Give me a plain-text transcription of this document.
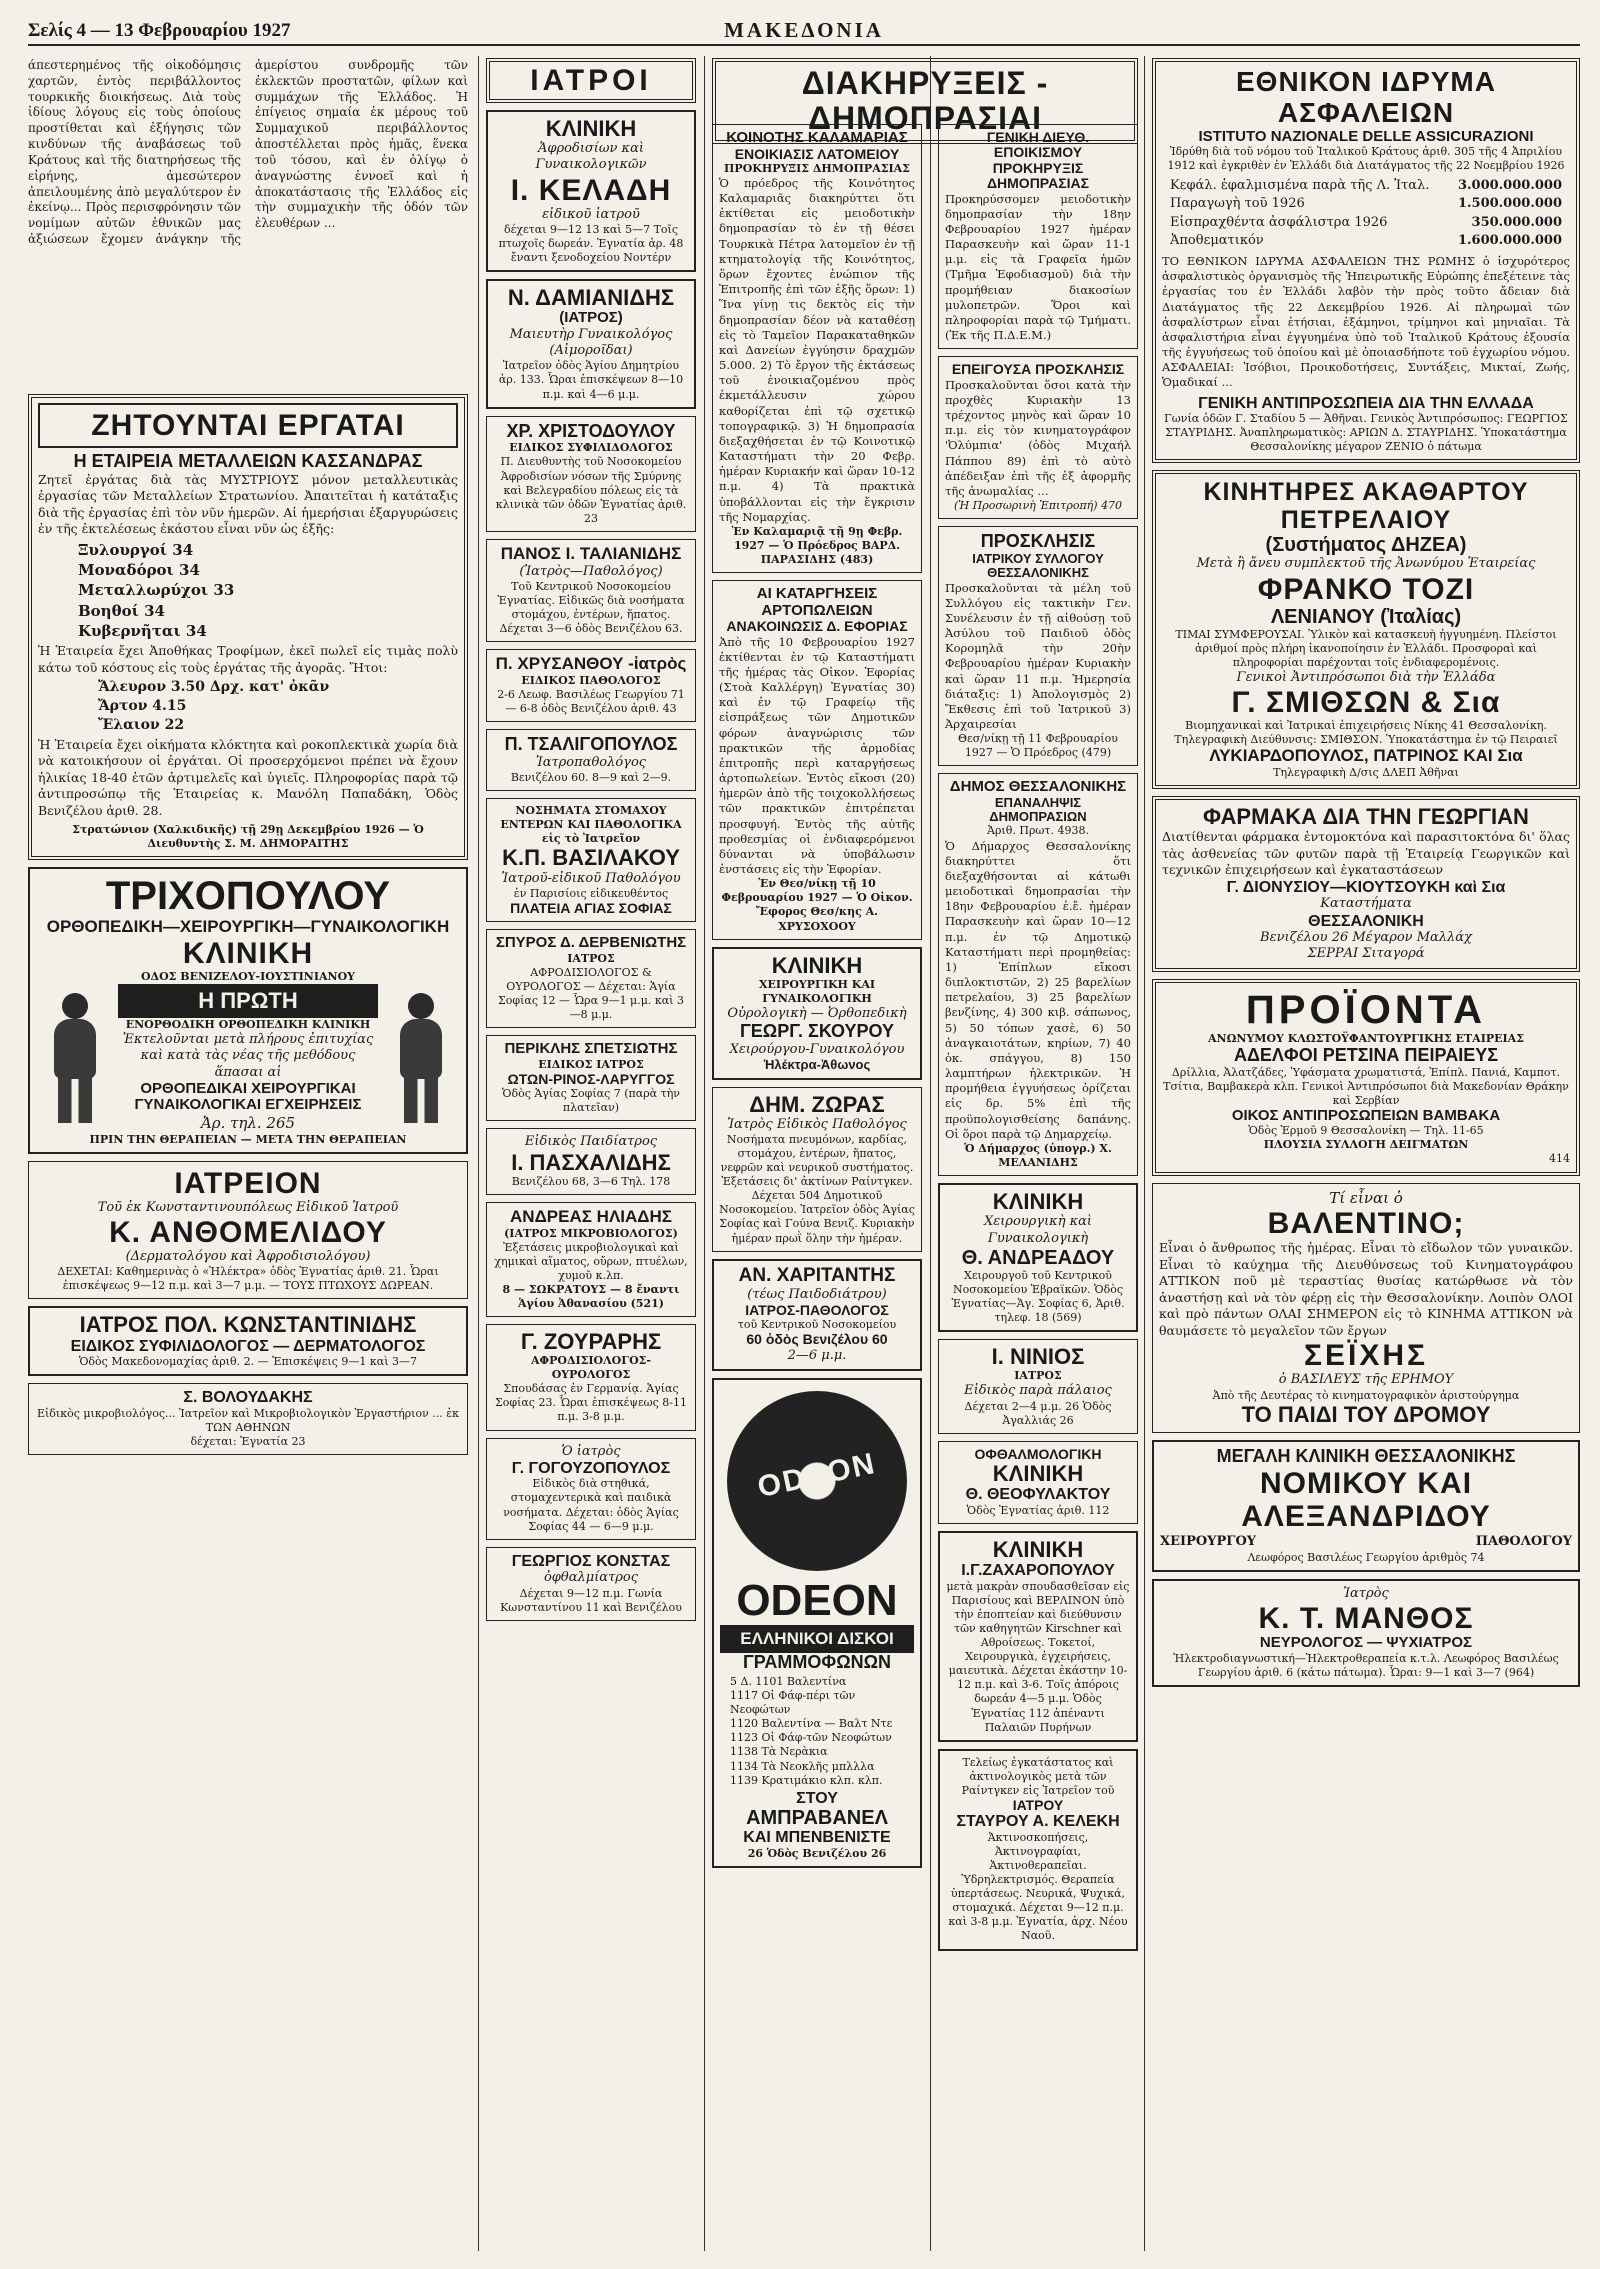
Σελίς 4 — 13 Φεβρουαρίου 1927	ΜΑΚΕΔΟΝΙΑ
άπεστερημένος τῆς οἰκοδόμησις χαρτῶν, ἐντὸς περιβάλλοντος τουρκικῆς διοικήσεως. Διὰ τοὺς ἰδίους λόγους εἰς τοὺς ὁποίους προστίθεται καὶ ἐξήγησις τῶν κινδύνων τῆς ἀναβάσεως τοῦ Κράτους καὶ τῆς διατηρήσεως τῆς εἰρήνης, ἀμεσώτερον ἀπειλουμένης ἀπὸ μεγαλύτερον ἐν ἐκείνῳ... Πρὸς περισφρόνησιν τῶν νομίμων αὐτῶν ἐθνικῶν μας ἀξιώσεων ἔχομεν ἀνάγκην τῆς ἀμερίστου συνδρομῆς τῶν ἐκλεκτῶν προστατῶν, φίλων καὶ συμμάχων τῆς Ἑλλάδος. Ἡ ἐπίγειος σημαία ἐκ μέρους τοῦ Συμμαχικοῦ περιβάλλοντος ἀποστέλλεται πρὸς ἡμᾶς, ἕνεκα τοῦ τόσου, καὶ ἐν ὀλίγῳ ὁ ἀναγνώστης ἐννοεῖ καὶ ἡ ἀποκατάστασις τῆς Ἑλλάδος εἰς τὴν συμμαχικὴν τῆς ὁδόν τῶν ἐλευθέρων ...
ΖΗΤΟΥΝΤΑΙ ΕΡΓΑΤΑΙ
Η ΕΤΑΙΡΕΙΑ ΜΕΤΑΛΛΕΙΩΝ ΚΑΣΣΑΝΔΡΑΣ
Ζητεῖ ἐργάτας διὰ τὰς ΜΥΣΤΡΙΟΥΣ μόνον μεταλλευτικὰς ἐργασίας τῶν Μεταλλείων Στρατωνίου. Ἀπαιτεῖται ἡ κατάταξις διὰ τῆς ἐργασίας ἐπὶ τὸν νῦν ἡμερῶν. Αἱ ἡμερήσιαι ἐξαργυρώσεις ἐν τῆς ἐκτελέσεως ἐκάστου εἶναι νῦν ὡς ἑξῆς:
Ξυλουργοί 34
Μοναδόροι 34
Μεταλλωρύχοι 33
Βοηθοί 34
Κυβερνῆται 34
Ἡ Ἑταιρεία ἔχει Ἀποθήκας Τροφίμων, ἐκεῖ πωλεῖ εἰς τιμὰς πολὺ κάτω τοῦ κόστους εἰς τοὺς ἐργάτας τῆς ἀγορᾶς. Ἤτοι:
Ἄλευρον 3.50 Δρχ. κατ' ὀκᾶν
Ἄρτον 4.15
Ἔλαιον 22
Ἡ Ἑταιρεία ἔχει οἰκήματα κλόκτητα καὶ ροκοπλεκτικὰ χωρία διὰ νὰ κατοικήσουν οἱ ἐργάται. Οἱ προσερχόμενοι πρέπει νὰ ἔχουν ἡλικίας 18-40 ἐτῶν ἀρτιμελεῖς καὶ ὑγιεῖς. Πληροφορίας παρὰ τῷ ἀντιπροσώπῳ τῆς Ἑταιρείας κ. Μανόλη Παπαδάκη, Ὁδὸς Βενιζέλου ἀριθ. 28.
Στρατώνιον (Χαλκιδικῆς) τῇ 29ῃ Δεκεμβρίου 1926 — Ὁ Διευθυντὴς Σ. Μ. ΔΗΜΟΡΑΙΤΗΣ
ΤΡΙΧΟΠΟΥΛΟΥ
ΟΡΘΟΠΕΔΙΚΗ—ΧΕΙΡΟΥΡΓΙΚΗ—ΓΥΝΑΙΚΟΛΟΓΙΚΗ
ΚΛΙΝΙΚΗ
ΟΔΟΣ ΒΕΝΙΖΕΛΟΥ-ΙΟΥΣΤΙΝΙΑΝΟΥ
Η ΠΡΩΤΗ
ΕΝΟΡΘΟΔΙΚΗ ΟΡΘΟΠΕΔΙΚΗ ΚΛΙΝΙΚΗ
Ἐκτελοῦνται μετὰ πλήρους ἐπιτυχίας καὶ κατὰ τὰς νέας τῆς μεθόδους ἅπασαι αἱ
ΟΡΘΟΠΕΔΙΚΑΙ ΧΕΙΡΟΥΡΓΙΚΑΙ ΓΥΝΑΙΚΟΛΟΓΙΚΑΙ ΕΓΧΕΙΡΗΣΕΙΣ
Ἀρ. τηλ. 265
ΠΡΙΝ ΤΗΝ ΘΕΡΑΠΕΙΑΝ — ΜΕΤΑ ΤΗΝ ΘΕΡΑΠΕΙΑΝ
ΙΑΤΡΕΙΟΝ
Τοῦ ἐκ Κωνσταντινουπόλεως Εἰδικοῦ Ἰατροῦ
Κ. ΑΝΘΟΜΕΛΙΔΟΥ
(Δερματολόγου καὶ Ἀφροδισιολόγου)
ΔΕΧΕΤΑΙ: Καθημερινὰς ὁ «Ἠλέκτρα» ὁδὸς Ἐγνατίας ἀριθ. 21. Ὧραι ἐπισκέψεως 9—12 π.μ. καὶ 3—7 μ.μ. — ΤΟΥΣ ΠΤΩΧΟΥΣ ΔΩΡΕΑΝ.
ΙΑΤΡΟΣ ΠΟΛ. ΚΩΝΣΤΑΝΤΙΝΙΔΗΣ
ΕΙΔΙΚΟΣ ΣΥΦΙΛΙΔΟΛΟΓΟΣ — ΔΕΡΜΑΤΟΛΟΓΟΣ
Ὁδὸς Μακεδονομαχίας ἀριθ. 2. — Ἐπισκέψεις 9—1 καὶ 3—7
Σ. ΒΟΛΟΥΔΑΚΗΣ
Εἰδικὸς μικροβιολόγος... Ἰατρεῖον καὶ Μικροβιολογικὸν Ἐργαστήριον ... ἐκ ΤΩΝ ΑΘΗΝΩΝ
δέχεται: Ἐγνατία 23
ΙΑΤΡΟΙ
ΚΛΙΝΙΚΗ
Ἀφροδισίων καὶ Γυναικολογικῶν
Ι. ΚΕΛΑΔΗ
εἰδικοῦ ἰατροῦ
δέχεται 9—12 13 καὶ 5—7 Τοῖς πτωχοῖς δωρεάν. Ἐγνατία ἀρ. 48 ἔναντι ξενοδοχείου Νοντέρν
Ν. ΔΑΜΙΑΝΙΔΗΣ
(ΙΑΤΡΟΣ)
Μαιευτὴρ Γυναικολόγος (Αἰμοροῖδαι)
Ἰατρεῖον ὁδὸς Ἁγίου Δημητρίου ἀρ. 133. Ὧραι ἐπισκέψεων 8—10 π.μ. καὶ 4—6 μ.μ.
ΧΡ. ΧΡΙΣΤΟΔΟΥΛΟΥ
ΕΙΔΙΚΟΣ ΣΥΦΙΛΙΔΟΛΟΓΟΣ
Π. Διευθυντὴς τοῦ Νοσοκομείου Ἀφροδισίων νόσων τῆς Σμύρνης καὶ Βελεγραδίου πόλεως εἰς τὰ κλινικὰ τῶν ὁδῶν Ἐγνατίας ἀριθ. 23
ΠΑΝΟΣ Ι. ΤΑΛΙΑΝΙΔΗΣ
(Ἰατρὸς—Παθολόγος)
Τοῦ Κεντρικοῦ Νοσοκομείου Ἐγνατίας. Εἰδικῶς διὰ νοσήματα στομάχου, ἐντέρων, ἥπατος. Δέχεται 3—6 ὁδὸς Βενιζέλου 63.
Π. ΧΡΥΣΑΝΘΟΥ -ἰατρὸς
ΕΙΔΙΚΟΣ ΠΑΘΟΛΟΓΟΣ
2-6 Λεωφ. Βασιλέως Γεωργίου 71 — 6-8 ὁδὸς Βενιζέλου ἀριθ. 43
Π. ΤΣΑΛΙΓΟΠΟΥΛΟΣ
Ἰατροπαθολόγος
Βενιζέλου 60. 8—9 καὶ 2—9.
ΝΟΣΗΜΑΤΑ ΣΤΟΜΑΧΟΥ ΕΝΤΕΡΩΝ ΚΑΙ ΠΑΘΟΛΟΓΙΚΑ εἰς τὸ Ἰατρεῖον
Κ.Π. ΒΑΣΙΛΑΚΟΥ
Ἰατροῦ-εἰδικοῦ Παθολόγου
ἐν Παρισίοις εἰδικευθέντος
ΠΛΑΤΕΙΑ ΑΓΙΑΣ ΣΟΦΙΑΣ
ΣΠΥΡΟΣ Δ. ΔΕΡΒΕΝΙΩΤΗΣ
ΙΑΤΡΟΣ
ΑΦΡΟΔΙΣΙΟΛΟΓΟΣ & ΟΥΡΟΛΟΓΟΣ — Δέχεται: Ἁγία Σοφίας 12 — Ὧρα 9—1 μ.μ. καὶ 3—8 μ.μ.
ΠΕΡΙΚΛΗΣ ΣΠΕΤΣΙΩΤΗΣ
ΕΙΔΙΚΟΣ ΙΑΤΡΟΣ
ΩΤΩΝ-ΡΙΝΟΣ-ΛΑΡΥΓΓΟΣ
Ὁδὸς Ἁγίας Σοφίας 7 (παρὰ τὴν πλατεῖαν)
Εἰδικὸς Παιδίατρος
Ι. ΠΑΣΧΑΛΙΔΗΣ
Βενιζέλου 68, 3—6 Τηλ. 178
ΑΝΔΡΕΑΣ ΗΛΙΑΔΗΣ
(ΙΑΤΡΟΣ ΜΙΚΡΟΒΙΟΛΟΓΟΣ)
Ἐξετάσεις μικροβιολογικαὶ καὶ χημικαὶ αἵματος, οὔρων, πτυέλων, χυμοῦ κ.λπ.
8 — ΣΩΚΡΑΤΟΥΣ — 8 ἔναντι Ἁγίου Ἀθανασίου (521)
Γ. ΖΟΥΡΑΡΗΣ
ΑΦΡΟΔΙΣΙΟΛΟΓΟΣ-ΟΥΡΟΛΟΓΟΣ
Σπουδάσας ἐν Γερμανίᾳ. Ἁγίας Σοφίας 23. Ὧραι ἐπισκέψεως 8-11 π.μ. 3-8 μ.μ.
Ὁ ἰατρὸς
Γ. ΓΟΓΟΥΖΟΠΟΥΛΟΣ
Εἰδικὸς διὰ στηθικά, στομαχεντερικὰ καὶ παιδικὰ νοσήματα. Δέχεται: ὁδὸς Ἁγίας Σοφίας 44 — 6—9 μ.μ.
ΓΕΩΡΓΙΟΣ ΚΟΝΣΤΑΣ
ὀφθαλμίατρος
Δέχεται 9—12 π.μ. Γωνία Κωνσταντίνου 11 καὶ Βενιζέλου
ΔΙΑΚΗΡΥΞΕΙΣ - ΔΗΜΟΠΡΑΣΙΑΙ
ΚΟΙΝΟΤΗΣ ΚΑΛΑΜΑΡΙΑΣ
ΕΝΟΙΚΙΑΣΙΣ ΛΑΤΟΜΕΙΟΥ
ΠΡΟΚΗΡΥΞΙΣ ΔΗΜΟΠΡΑΣΙΑΣ
Ὁ πρόεδρος τῆς Κοινότητος Καλαμαριᾶς διακηρύττει ὅτι ἐκτίθεται εἰς μειοδοτικὴν δημοπρασίαν τὸ ἐν τῇ θέσει Τουρκικὰ Πέτρα λατομεῖον ἐν τῇ κτηματολογίᾳ τῆς Κοινότητος, ὅρων ἔχοντες ἐνώπιον τῆς Ἐπιτροπῆς ἐπὶ τῶν ἑξῆς ὅρων: 1) Ἵνα γίνῃ τις δεκτὸς εἰς τὴν δημοπρασίαν δέον νὰ καταθέσῃ εἰς τὸ Ταμεῖον Παρακαταθηκῶν καὶ Δανείων ἐγγύησιν δραχμῶν 5.000. 2) Τὸ ἔργον τῆς ἐκτάσεως τοῦ ἐνοικιαζομένου πρὸς ἐκμετάλλευσιν χώρου καθορίζεται ἐπὶ τῷ σχετικῷ τοπογραφικῷ. 3) Ἡ δημοπρασία διεξαχθήσεται ἐν τῷ Κοινοτικῷ Καταστήματι τὴν 20 Φεβρ. ἡμέραν Κυριακήν καὶ ὥραν 10-12 π.μ. 4) Τὰ πρακτικὰ ὑποβάλλονται εἰς τὴν ἔγκρισιν τῆς Νομαρχίας.
Ἐν Καλαμαριᾷ τῇ 9ῃ Φεβρ. 1927 — Ὁ Πρόεδρος ΒΑΡΔ. ΠΑΡΑΣΙΔΗΣ (483)
ΑΙ ΚΑΤΑΡΓΗΣΕΙΣ ΑΡΤΟΠΩΛΕΙΩΝ
ΑΝΑΚΟΙΝΩΣΙΣ Δ. ΕΦΟΡΙΑΣ
Ἀπὸ τῆς 10 Φεβρουαρίου 1927 ἐκτίθενται ἐν τῷ Καταστήματι τῆς ἡμέρας τὰς Οἰκον. Ἐφορίας (Στοὰ Καλλέργη) Ἐγνατίας 30) καὶ ἐν τῷ Γραφείῳ τῆς εἰσπράξεως τῶν Δημοτικῶν φόρων ἀναγνώρισις τῶν πρακτικῶν τῆς ἀρμοδίας ἐπιτροπῆς περὶ καταργήσεως ἀρτοπωλείων. Ἐντὸς εἴκοσι (20) ἡμερῶν ἀπὸ τῆς τοιχοκολλήσεως τῶν πρακτικῶν ἐπιτρέπεται προσφυγή. Ἐντὸς τῆς αὐτῆς προθεσμίας οἱ ἐνδιαφερόμενοι δύνανται νὰ ὑποβάλωσιν ἐνστάσεις εἰς τὴν Ἐφορίαν.
Ἐν Θεσ/νίκῃ τῇ 10 Φεβρουαρίου 1927 — Ὁ Οἰκον. Ἔφορος Θεσ/κης Α. ΧΡΥΣΟΧΟΟΥ
ΚΛΙΝΙΚΗ
ΧΕΙΡΟΥΡΓΙΚΗ ΚΑΙ ΓΥΝΑΙΚΟΛΟΓΙΚΗ
Οὐρολογικὴ — Ὀρθοπεδικὴ
ΓΕΩΡΓ. ΣΚΟΥΡΟΥ
Χειρούργου-Γυναικολόγου
Ἡλέκτρα-Ἀθωνος
ΔΗΜ. ΖΩΡΑΣ
Ἰατρὸς Εἰδικὸς Παθολόγος
Νοσήματα πνευμόνων, καρδίας, στομάχου, ἐντέρων, ἥπατος, νεφρῶν καὶ νευρικοῦ συστήματος. Ἐξετάσεις δι' ἀκτίνων Ραίντγκεν. Δέχεται 504 Δημοτικοῦ Νοσοκομείου. Ἰατρεῖον ὁδὸς Ἁγίας Σοφίας καὶ Γούνα Βενιζ. Κυριακὴν ἡμέραν πρωῒ ὅλην τὴν ἡμέραν.
ΑΝ. ΧΑΡΙΤΑΝΤΗΣ
(τέως Παιδοδιάτρου)
ΙΑΤΡΟΣ-ΠΑΘΟΛΟΓΟΣ
τοῦ Κεντρικοῦ Νοσοκομείου
60 ὁδὸς Βενιζέλου 60
2—6 μ.μ.
ODEON
ODEON
ΕΛΛΗΝΙΚΟΙ ΔΙΣΚΟΙ
ΓΡΑΜΜΟΦΩΝΩΝ
5 Δ. 1101 Βαλεντίνα
1117 Οἱ Φάφ-πέρι τῶν Νεοφώτων
1120 Βαλεντίνα — Βαλτ Ντε
1123 Οἱ Φάφ-τῶν Νεοφώτων
1138 Τὰ Νερὰκια
1134 Τὰ Νεοκλῆς μπλλλα
1139 Κρατιμάκιο κλπ. κλπ.
ΣΤΟΥ
ΑΜΠΡΑΒΑΝΕΛ
ΚΑΙ ΜΠΕΝΒΕΝΙΣΤΕ
26 Ὁδὸς Βενιζέλου 26
ΓΕΝΙΚΗ ΔΙΕΥΘ. ΕΠΟΙΚΙΣΜΟΥ
ΠΡΟΚΗΡΥΞΙΣ ΔΗΜΟΠΡΑΣΙΑΣ
Προκηρύσσομεν μειοδοτικὴν δημοπρασίαν τὴν 18ην Φεβρουαρίου 1927 ἡμέραν Παρασκευὴν καὶ ὥραν 11-1 μ.μ. εἰς τὰ Γραφεῖα ἡμῶν (Τμῆμα Ἐφοδιασμοῦ) διὰ τὴν προμήθειαν διακοσίων μυλοπετρῶν. Ὅροι καὶ πληροφορίαι παρὰ τῷ Τμήματι. (Ἐκ τῆς Π.Δ.Ε.Μ.)
ΕΠΕΙΓΟΥΣΑ ΠΡΟΣΚΛΗΣΙΣ
Προσκαλοῦνται ὅσοι κατὰ τὴν προχθὲς Κυριακὴν 13 τρέχοντος μηνὸς καὶ ὥραν 10 π.μ. εἰς τὸν κινηματογράφον 'Ὀλύμπια' (ὁδὸς Μιχαήλ Πάππου 89) ἐπὶ τὸ αὐτὸ ἀπέδειξαν ἐπὶ τῆς ἐξ ἀφορμῆς τῆς ἀνωμαλίας ...
(Ἡ Προσωρινὴ Ἐπιτροπή) 470
ΠΡΟΣΚΛΗΣΙΣ
ΙΑΤΡΙΚΟΥ ΣΥΛΛΟΓΟΥ ΘΕΣΣΑΛΟΝΙΚΗΣ
Προσκαλοῦνται τὰ μέλη τοῦ Συλλόγου εἰς τακτικὴν Γεν. Συνέλευσιν ἐν τῇ αἰθούσῃ τοῦ Ἀσύλου τοῦ Παιδιοῦ ὁδὸς Κορομηλᾶ τὴν 20ὴν Φεβρουαρίου ἡμέραν Κυριακὴν καὶ ὥραν 11 π.μ. Ἡμερησία διάταξις: 1) Ἀπολογισμὸς 2) Ἔκθεσις ἐπὶ τοῦ Ἰατρικοῦ 3) Ἀρχαιρεσίαι
Θεσ/νίκῃ τῇ 11 Φεβρουαρίου 1927 — Ὁ Πρόεδρος (479)
ΔΗΜΟΣ ΘΕΣΣΑΛΟΝΙΚΗΣ
ΕΠΑΝΑΛΗΨΙΣ ΔΗΜΟΠΡΑΣΙΩΝ
Ἀριθ. Πρωτ. 4938.
Ὁ Δήμαρχος Θεσσαλονίκης διακηρύττει ὅτι διεξαχθήσονται αἱ κάτωθι μειοδοτικαὶ δημοπρασίαι τὴν 18ην Φεβρουαρίου ἐ.ἔ. ἡμέραν Παρασκευὴν καὶ ὥραν 10—12 π.μ. ἐν τῷ Δημοτικῷ Καταστήματι περὶ προμηθείας: 1) Ἐπίπλων εἴκοσι διπλοκτιστῶν, 2) 25 βαρελίων πετρελαίου, 3) 25 βαρελίων βενζίνης, 4) 300 κιβ. σάπωνος, 5) 50 τόπων χασὲ, 6) 50 ἀναγκαιοτάτων, κηρίων, 7) 40 ὀκ. σπάγγου, 8) 150 λαμπτήρων ἠλεκτρικῶν. Ἡ προμήθεια ἐγγυήσεως ὁρίζεται εἰς δρ. 5% ἐπὶ τῆς προϋπολογισθείσης δαπάνης. Οἱ ὅροι παρὰ τῷ Δημαρχείῳ.
Ὁ Δήμαρχος (ὑπογρ.) Χ. ΜΕΛΑΝΙΔΗΣ
ΚΛΙΝΙΚΗ
Χειρουργικὴ καὶ Γυναικολογικὴ
Θ. ΑΝΔΡΕΑΔΟΥ
Χειρουργοῦ τοῦ Κεντρικοῦ Νοσοκομείου Ἑβραϊκῶν. Ὁδὸς Ἐγνατίας—Ἁγ. Σοφίας 6, Ἀριθ. τηλεφ. 18 (569)
Ι. ΝΙΝΙΟΣ
ΙΑΤΡΟΣ
Εἰδικὸς παρὰ πάλαιος
Δέχεται 2—4 μ.μ. 26 Ὁδὸς Ἀγαλλιάς 26
ΟΦΘΑΛΜΟΛΟΓΙΚΗ
ΚΛΙΝΙΚΗ
Θ. ΘΕΟΦΥΛΑΚΤΟΥ
Ὁδὸς Ἐγνατίας ἀριθ. 112
ΚΛΙΝΙΚΗ
Ι.Γ.ΖΑΧΑΡΟΠΟΥΛΟΥ
μετὰ μακρὰν σπουδασθεῖσαν εἰς Παρισίους καὶ ΒΕΡΛΙΝΟΝ ὑπὸ τὴν ἐποπτείαν καὶ διεύθυνσιν τῶν καθηγητῶν Kirschner καὶ Αθροίσεως. Τοκετοί, Χειρουργικὰ, ἐγχειρήσεις, μαιευτικὰ. Δέχεται ἐκάστην 10-12 π.μ. καὶ 3-6. Τοῖς ἀπόροις δωρεάν 4—5 μ.μ. Ὁδὸς Ἐγνατίας 112 ἀπέναντι Παλαιῶν Πυρήνων
Τελείως ἐγκατάστατος καὶ ἀκτινολογικὸς μετὰ τῶν Ραίντγκεν εἰς Ἰατρεῖον τοῦ
ΙΑΤΡΟΥ
ΣΤΑΥΡΟΥ Α. ΚΕΛΕΚΗ
Ἀκτινοσκοπήσεις, Ἀκτινογραφίαι, Ἀκτινοθεραπεῖαι. Ὑδρηλεκτρισμός. Θεραπεία ὑπερτάσεως. Νευρικά, Ψυχικά, στομαχικά. Δέχεται 9—12 π.μ. καὶ 3-8 μ.μ. Ἐγνατία, ἀρχ. Νέου Ναοῦ.
ΕΘΝΙΚΟΝ ΙΔΡΥΜΑ ΑΣΦΑΛΕΙΩΝ
ISTITUTO NAZIONALE DELLE ASSICURAZIONI
Ἱδρύθη διὰ τοῦ νόμου τοῦ Ἰταλικοῦ Κράτους ἀριθ. 305 τῆς 4 Ἀπριλίου 1912 καὶ ἐγκριθὲν ἐν Ἑλλάδι διὰ Διατάγματος τῆς 22 Νοεμβρίου 1926
Κεφάλ. ἐφαλμισμένα παρὰ τῆς Λ. Ἰταλ. 3.000.000.000
Παραγωγὴ τοῦ 1926	1.500.000.000
Εἰσπραχθέντα ἀσφάλιστρα 1926	350.000.000
Ἀποθεματικόν	1.600.000.000
ΤΟ ΕΘΝΙΚΟΝ ΙΔΡΥΜΑ ΑΣΦΑΛΕΙΩΝ ΤΗΣ ΡΩΜΗΣ ὁ ἰσχυρότερος ἀσφαλιστικὸς ὀργανισμὸς τῆς Ἠπειρωτικῆς Εὐρώπης ἐπεξέτεινε τὰς ἐργασίας του ἐν Ἑλλάδι λαβὸν τὴν πρὸς τοῦτο ἄδειαν διὰ Διατάγματος τῆς 22 Δεκεμβρίου 1926. Αἱ πληρωμαὶ τῶν ἀσφαλίστρων εἶναι ἐτήσιαι, ἑξάμηνοι, τρίμηνοι καὶ μηνιαῖαι. Τὰ ἀσφαλιστήρια εἶναι ἐγγυημένα ὑπὸ τοῦ Ἰταλικοῦ Κράτους ἐξουσία τῆς ἐγγυήσεως τοῦ ὁποίου καὶ μὲ ὁποιασδήποτε τοῦ ἐγχωρίου νόμου. ΑΣΦΑΛΕΙΑΙ: Ἰσόβιοι, Προικοδοτήσεις, Συντάξεις, Μικταί, Ζωής, Ὁμαδικαί ...
ΓΕΝΙΚΗ ΑΝΤΙΠΡΟΣΩΠΕΙΑ ΔΙΑ ΤΗΝ ΕΛΛΑΔΑ
Γωνία ὁδῶν Γ. Σταδίου 5 — Ἀθῆναι. Γενικὸς Ἀντιπρόσωπος: ΓΕΩΡΓΙΟΣ ΣΤΑΥΡΙΔΗΣ. Ἀναπληρωματικὸς: ΑΡΙΩΝ Δ. ΣΤΑΥΡΙΔΗΣ. Ὑποκατάστημα Θεσσαλονίκης μέγαρον ΖΕΝΙΟ ὁ πάτωμα
ΚΙΝΗΤΗΡΕΣ ΑΚΑΘΑΡΤΟΥ ΠΕΤΡΕΛΑΙΟΥ
(Συστήματος ΔΗΖΕΑ)
Μετὰ ἢ ἄνευ συμπλεκτοῦ τῆς Ἀνωνύμου Ἑταιρείας
ΦΡΑΝΚΟ ΤΟΖΙ
ΛΕΝΙΑΝΟΥ (Ἰταλίας)
ΤΙΜΑΙ ΣΥΜΦΕΡΟΥΣΑΙ. Ὑλικὸν καὶ κατασκευὴ ἠγγυημένη. Πλείστοι ἀριθμοί πρὸς πλήρη ἱκανοποίησιν ἐν Ἑλλάδι. Προσφοραὶ καὶ πληροφορίαι παρέχονται τοῖς ἐνδιαφερομένοις.
Γενικοὶ Ἀντιπρόσωποι διὰ τὴν Ἑλλάδα
Γ. ΣΜΙΘΣΩΝ & Σια
Βιομηχανικαὶ καὶ Ἰατρικαὶ ἐπιχειρήσεις Νίκης 41 Θεσσαλονίκη. Τηλεγραφικὴ Διεύθυνσις: ΣΜΙΘΣΟΝ. Ὑποκατάστημα ἐν τῷ Πειραιεῖ
ΛΥΚΙΑΡΔΟΠΟΥΛΟΣ, ΠΑΤΡΙΝΟΣ ΚΑΙ Σια
Τηλεγραφικὴ Δ/σις ΔΛΕΠ Ἀθῆναι
ΦΑΡΜΑΚΑ ΔΙΑ ΤΗΝ ΓΕΩΡΓΙΑΝ
Διατίθενται φάρμακα ἐντομοκτόνα καὶ παρασιτοκτόνα δι' ὅλας τὰς ἀσθενείας τῶν φυτῶν παρὰ τῇ Ἑταιρείᾳ Γεωργικῶν καὶ τεχνικῶν ἐπιχειρήσεων καὶ ἐγκαταστάσεων
Γ. ΔΙΟΝΥΣΙΟΥ—ΚΙΟΥΤΣΟΥΚΗ καὶ Σια
Καταστήματα
ΘΕΣΣΑΛΟΝΙΚΗ
Βενιζέλου 26 Μέγαρον Μαλλάχ
ΣΕΡΡΑΙ Σιταγορά
ΠΡΟΪΟΝΤΑ
ΑΝΩΝΥΜΟΥ ΚΛΩΣΤΟΫΦΑΝΤΟΥΡΓΙΚΗΣ ΕΤΑΙΡΕΙΑΣ
ΑΔΕΛΦΟΙ ΡΕΤΣΙΝΑ ΠΕΙΡΑΙΕΥΣ
Δρίλλια, Ἀλατζάδες, Ὑφάσματα χρωματιστά, Ἐπίπλ. Πανιά, Καμποτ. Τσίτια, Βαμβακερὰ κλπ. Γενικοὶ Ἀντιπρόσωποι διὰ Μακεδονίαν Θράκην καὶ Σερβίαν
ΟΙΚΟΣ ΑΝΤΙΠΡΟΣΩΠΕΙΩΝ ΒΑΜΒΑΚΑ
Ὁδὸς Ἑρμοῦ 9 Θεσσαλονίκη — Τηλ. 11-65
ΠΛΟΥΣΙΑ ΣΥΛΛΟΓΗ ΔΕΙΓΜΑΤΩΝ
414
Τί εἶναι ὁ
ΒΑΛΕΝΤΙΝΟ;
Εἶναι ὁ ἄνθρωπος τῆς ἡμέρας. Εἶναι τὸ εἴδωλον τῶν γυναικῶν. Εἶναι τὸ καύχημα τῆς Διευθύνσεως τοῦ Κινηματογράφου ΑΤΤΙΚΟΝ ποῦ μὲ τεραστίας θυσίας κατώρθωσε νὰ τὸν ἀναστήσῃ καὶ νὰ τὸν φέρῃ εἰς τὴν Θεσσαλονίκην. Λοιπὸν ΟΛΟΙ καὶ πρὸ πάντων ΟΛΑΙ ΣΗΜΕΡΟΝ εἰς τὸ ΚΙΝΗΜΑ ΑΤΤΙΚΟΝ νὰ θαυμάσετε τὸ μεγαλεῖον τῶν ἔργων
ΣΕΪΧΗΣ
ὁ ΒΑΣΙΛΕΥΣ τῆς ΕΡΗΜΟΥ
Ἀπὸ τῆς Δευτέρας τὸ κινηματογραφικὸν ἀριστούργημα
ΤΟ ΠΑΙΔΙ ΤΟΥ ΔΡΟΜΟΥ
ΜΕΓΑΛΗ ΚΛΙΝΙΚΗ ΘΕΣΣΑΛΟΝΙΚΗΣ
ΝΟΜΙΚΟΥ ΚΑΙ ΑΛΕΞΑΝΔΡΙΔΟΥ
ΧΕΙΡΟΥΡΓΟΥ	ΠΑΘΟΛΟΓΟΥ
Λεωφόρος Βασιλέως Γεωργίου ἀριθμὸς 74
Ἰατρὸς
Κ. Τ. ΜΑΝΘΟΣ
ΝΕΥΡΟΛΟΓΟΣ — ΨΥΧΙΑΤΡΟΣ
Ἠλεκτροδιαγνωστική—Ἠλεκτροθεραπεία κ.τ.λ. Λεωφόρος Βασιλέως Γεωργίου ἀριθ. 6 (κάτω πάτωμα). Ὧραι: 9—1 καὶ 3—7 (964)
